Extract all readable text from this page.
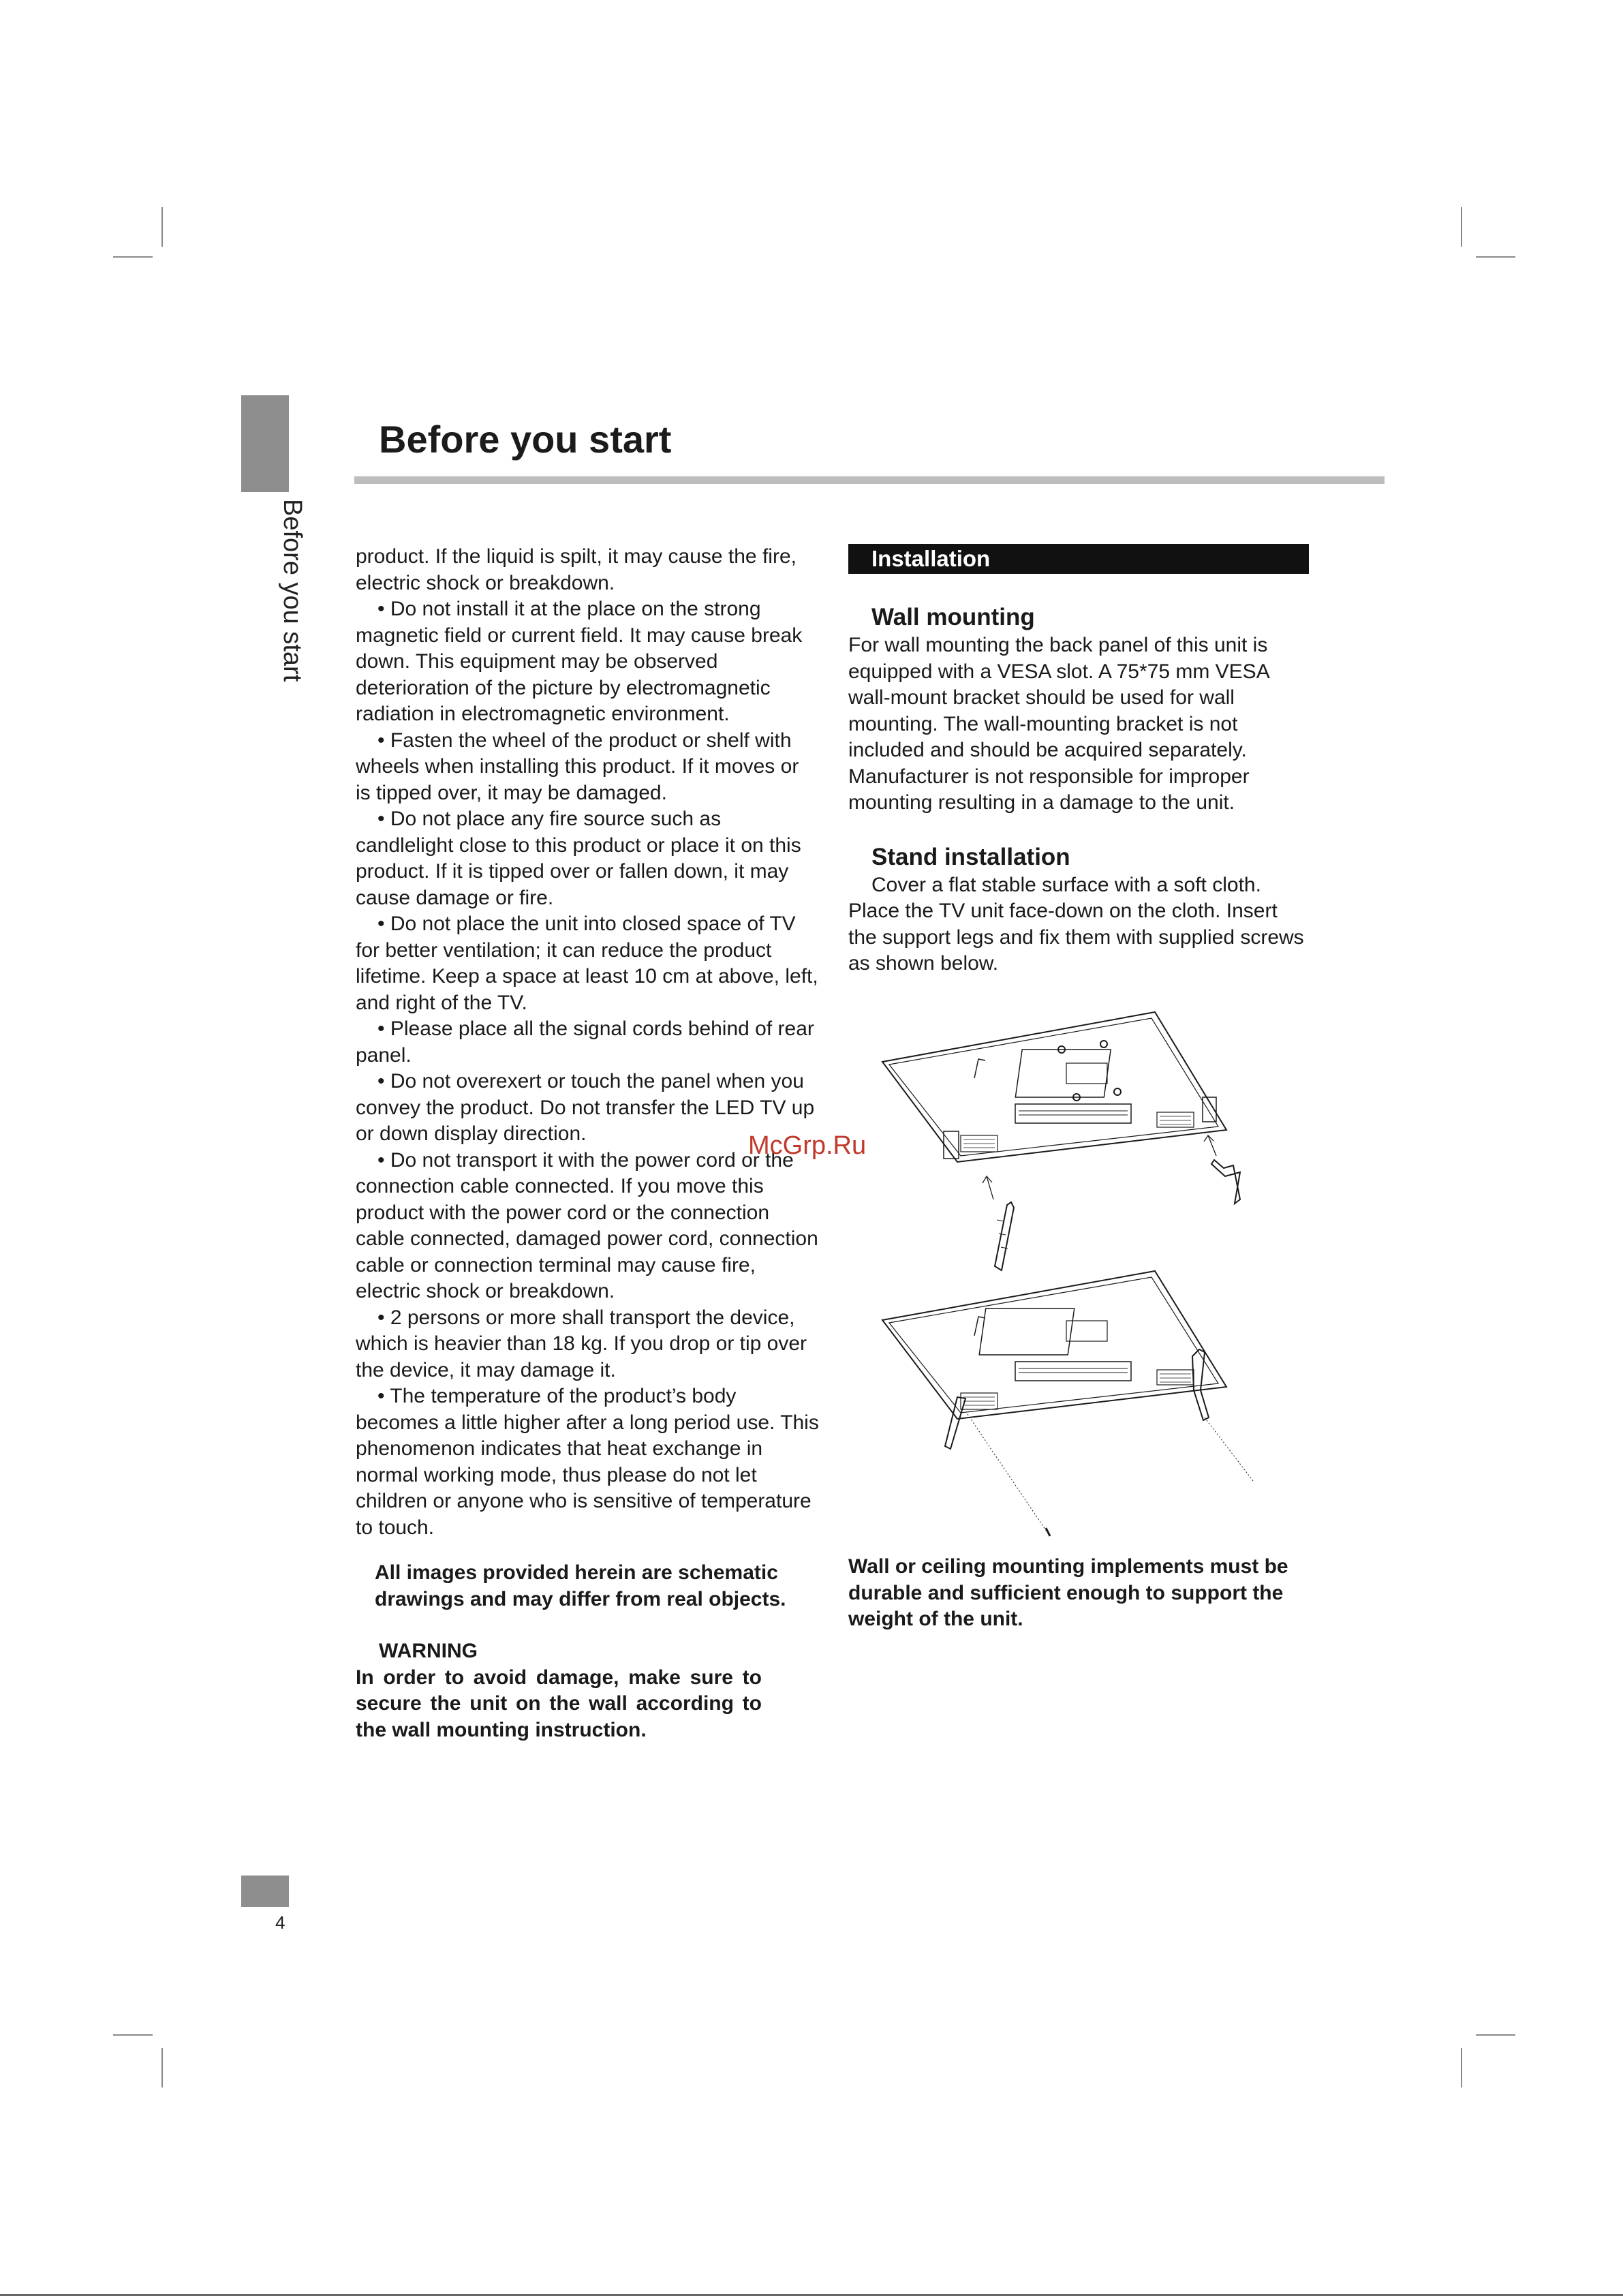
Before you start
Before you start

product. If the liquid is spilt, it may cause the fire, electric shock or breakdown.

• Do not install it at the place on the strong magnetic field or current field. It may cause break down. This equipment may be observed deterioration of the picture by electromagnetic radiation in electromagnetic environment.

• Fasten the wheel of the product or shelf with wheels when installing this product. If it moves or is tipped over, it may be damaged.

• Do not place any fire source such as candlelight close to this product or place it on this product. If it is tipped over or fallen down, it may cause damage or fire.

• Do not place the unit into closed space of TV for better ventilation; it can reduce the product lifetime. Keep a space at least 10 cm at above, left, and right of the TV.

• Please place all the signal cords behind of rear panel.

• Do not overexert or touch the panel when you convey the product. Do not transfer the LED TV up or down display direction.

• Do not transport it with the power cord or the connection cable connected. If you move this product with the power cord or the connection cable connected, damaged power cord, connection cable or connection terminal may cause fire, electric shock or breakdown.

• 2 persons or more shall transport the device, which is heavier than 18 kg. If you drop or tip over the device, it may damage it.

• The temperature of the product’s body becomes a little higher after a long period use. This phenomenon indicates that heat exchange in normal working mode, thus please do not let children or anyone who is sensitive of temperature to touch.

All images provided herein are schematic drawings and may differ from real objects.

WARNING

In order to avoid damage, make sure to secure the unit on the wall according to the wall mounting instruction.

Installation

Wall mounting

For wall mounting the back panel of this unit is equipped with a VESA slot. A 75*75 mm VESA wall-mount bracket should be used for wall mounting. The wall-mounting bracket is not included and should be acquired separately. Manufacturer is not responsible for improper mounting resulting in a damage to the unit.

Stand installation

Cover a flat stable surface with a soft cloth. Place the TV unit face-down on the cloth. Insert the support legs and fix them with supplied screws as shown below.

Wall or ceiling mounting implements must be durable and sufficient enough to support the weight of the unit.
McGrp.Ru
4
